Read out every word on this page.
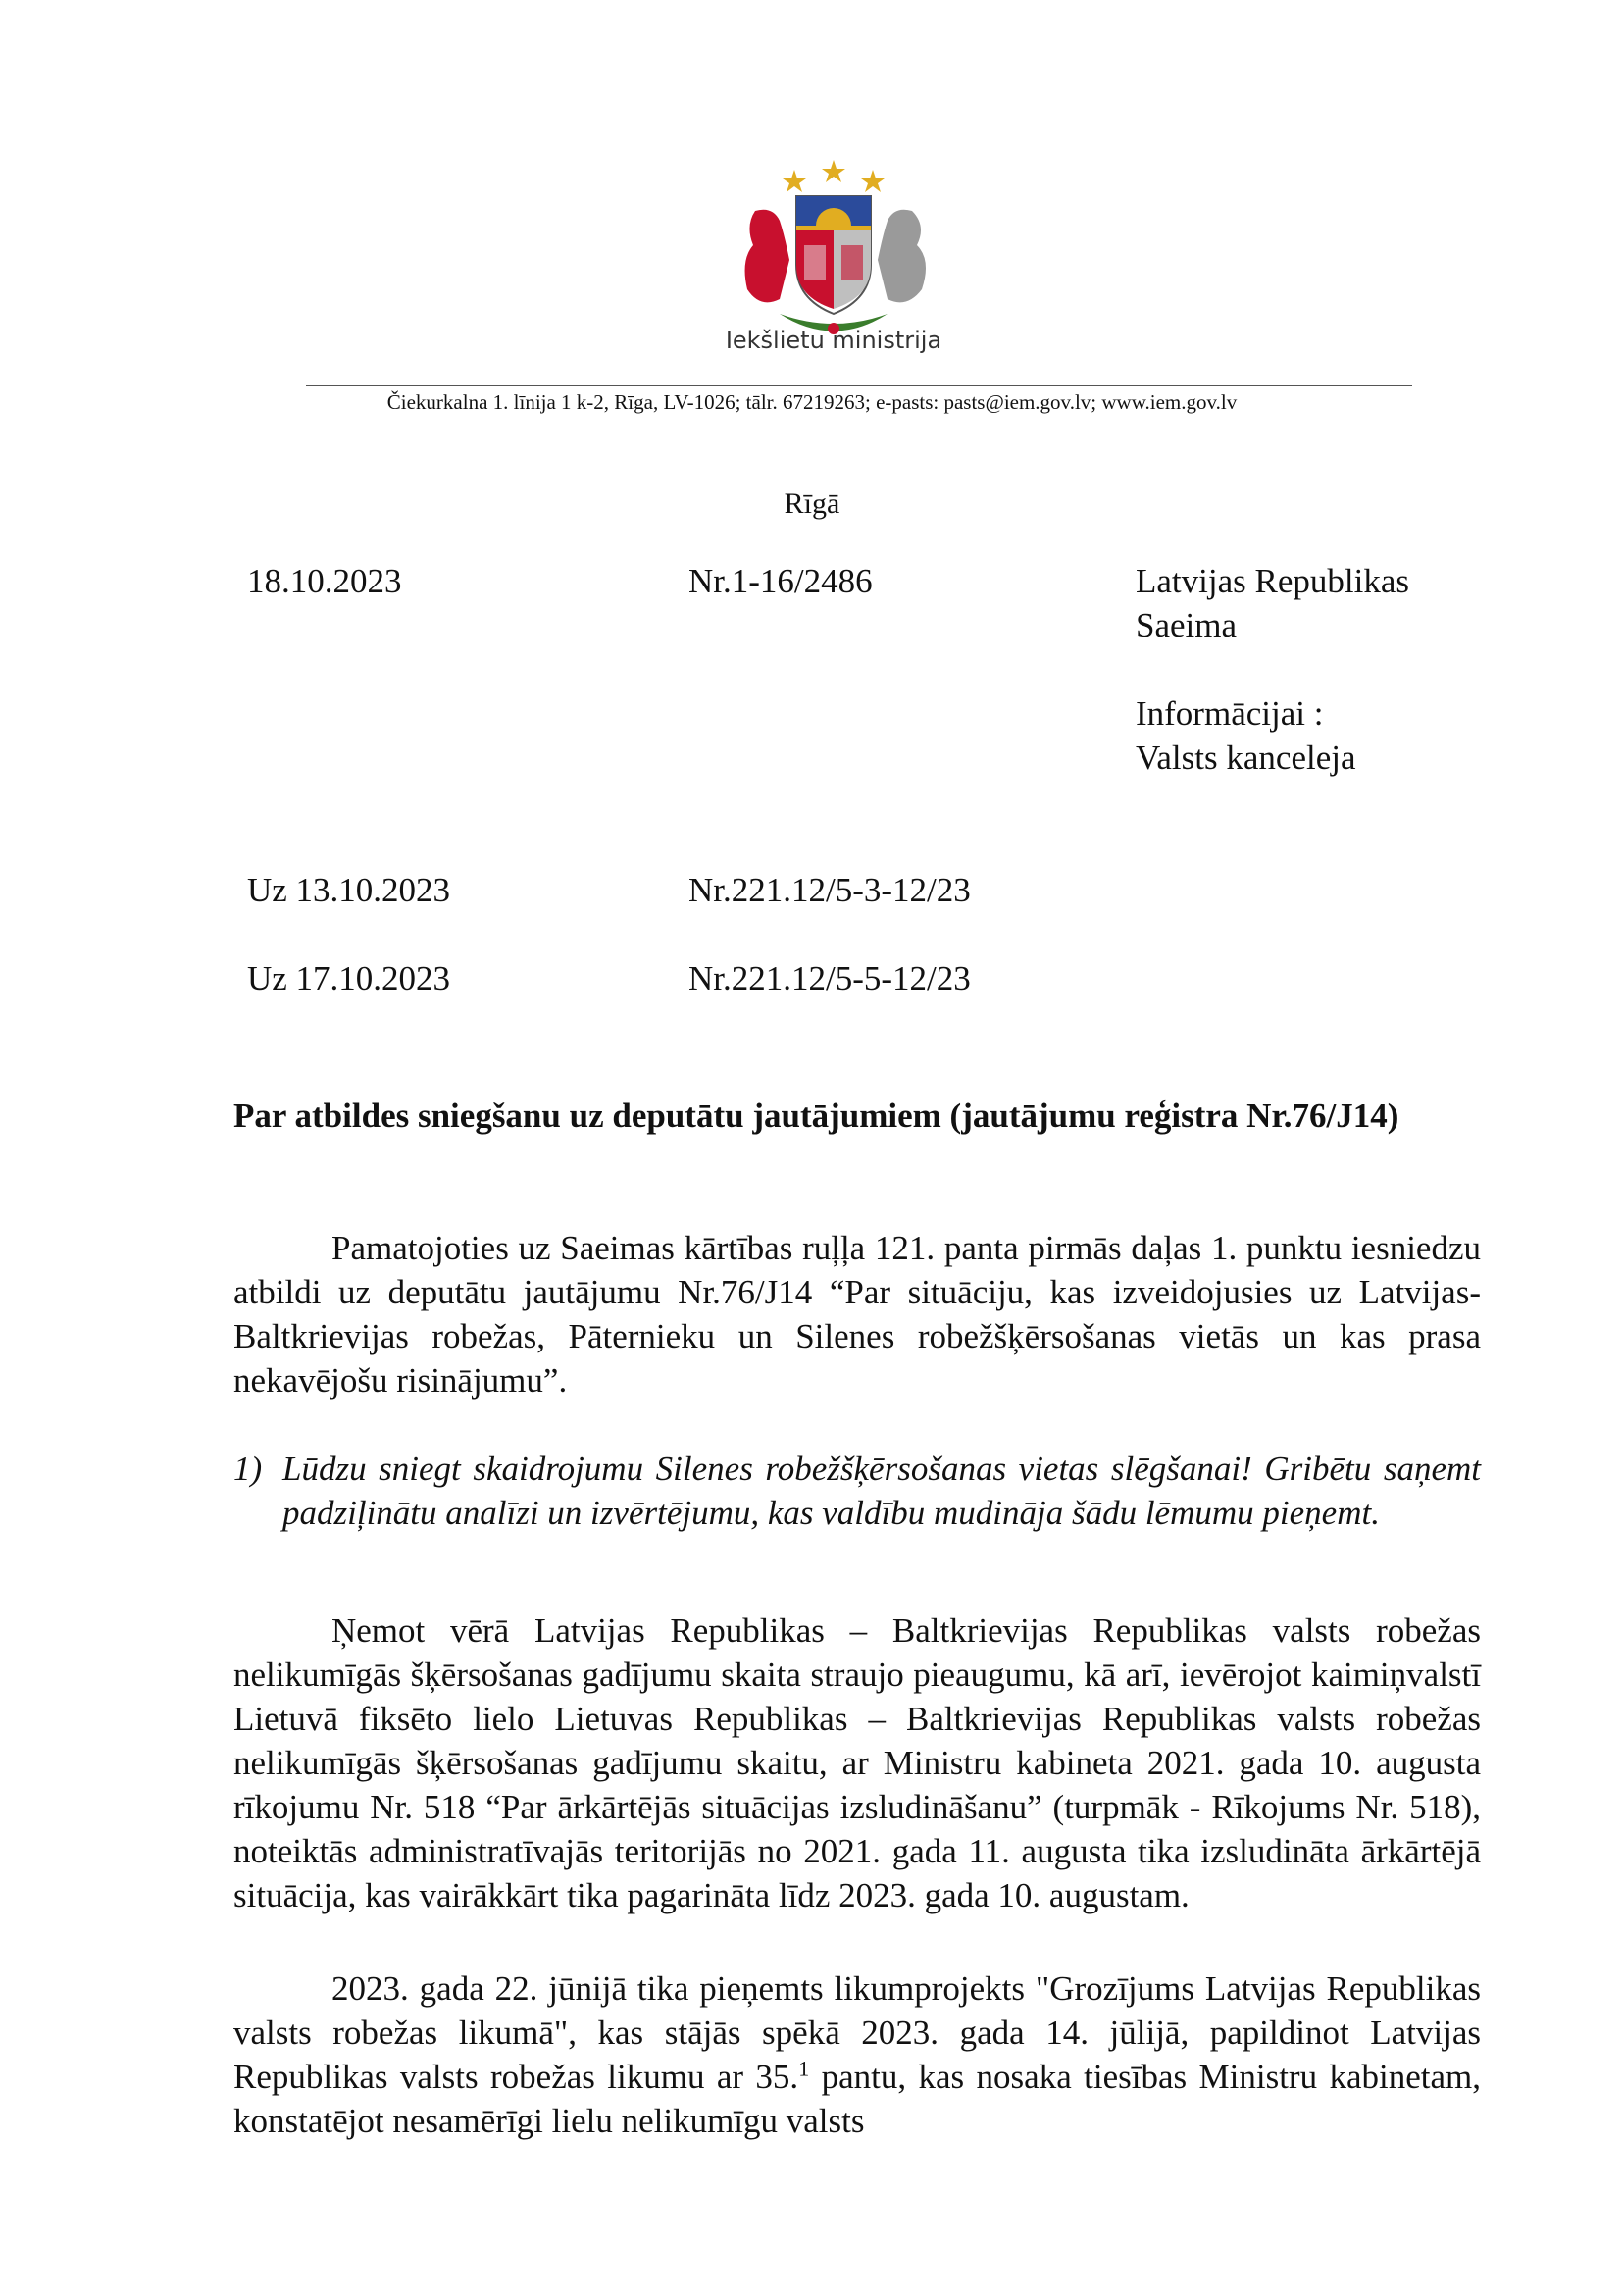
Iekšlietu ministrija
Čiekurkalna 1. līnija 1 k-2, Rīga, LV-1026; tālr. 67219263; e-pasts: pasts@iem.gov.lv; www.iem.gov.lv
Rīgā
18.10.2023	Nr.1-16/2486	Latvijas Republikas
Saeima
Informācijai :
Valsts kanceleja
Uz 13.10.2023	Nr.221.12/5-3-12/23
Uz 17.10.2023	Nr.221.12/5-5-12/23
Par atbildes sniegšanu uz deputātu jautājumiem (jautājumu reģistra Nr.76/J14)
Pamatojoties uz Saeimas kārtības ruļļa 121. panta pirmās daļas 1. punktu iesniedzu atbildi uz deputātu jautājumu Nr.76/J14 “Par situāciju, kas izveidojusies uz Latvijas- Baltkrievijas robežas, Pāternieku un Silenes robežšķērsošanas vietās un kas prasa nekavējošu risinājumu”.
1) Lūdzu sniegt skaidrojumu Silenes robežšķērsošanas vietas slēgšanai! Gribētu saņemt padziļinātu analīzi un izvērtējumu, kas valdību mudināja šādu lēmumu pieņemt.
Ņemot vērā Latvijas Republikas – Baltkrievijas Republikas valsts robežas nelikumīgās šķērsošanas gadījumu skaita straujo pieaugumu, kā arī, ievērojot kaimiņvalstī Lietuvā fiksēto lielo Lietuvas Republikas – Baltkrievijas Republikas valsts robežas nelikumīgās šķērsošanas gadījumu skaitu, ar Ministru kabineta 2021. gada 10. augusta rīkojumu Nr. 518 “Par ārkārtējās situācijas izsludināšanu” (turpmāk - Rīkojums Nr. 518), noteiktās administratīvajās teritorijās no 2021. gada 11. augusta tika izsludināta ārkārtējā situācija, kas vairākkārt tika pagarināta līdz 2023. gada 10. augustam.
2023. gada 22. jūnijā tika pieņemts likumprojekts "Grozījums Latvijas Republikas valsts robežas likumā", kas stājās spēkā 2023. gada 14. jūlijā, papildinot Latvijas Republikas valsts robežas likumu ar 35.$^1$ pantu, kas nosaka tiesības Ministru kabinetam, konstatējot nesamērīgi lielu nelikumīgu valsts
